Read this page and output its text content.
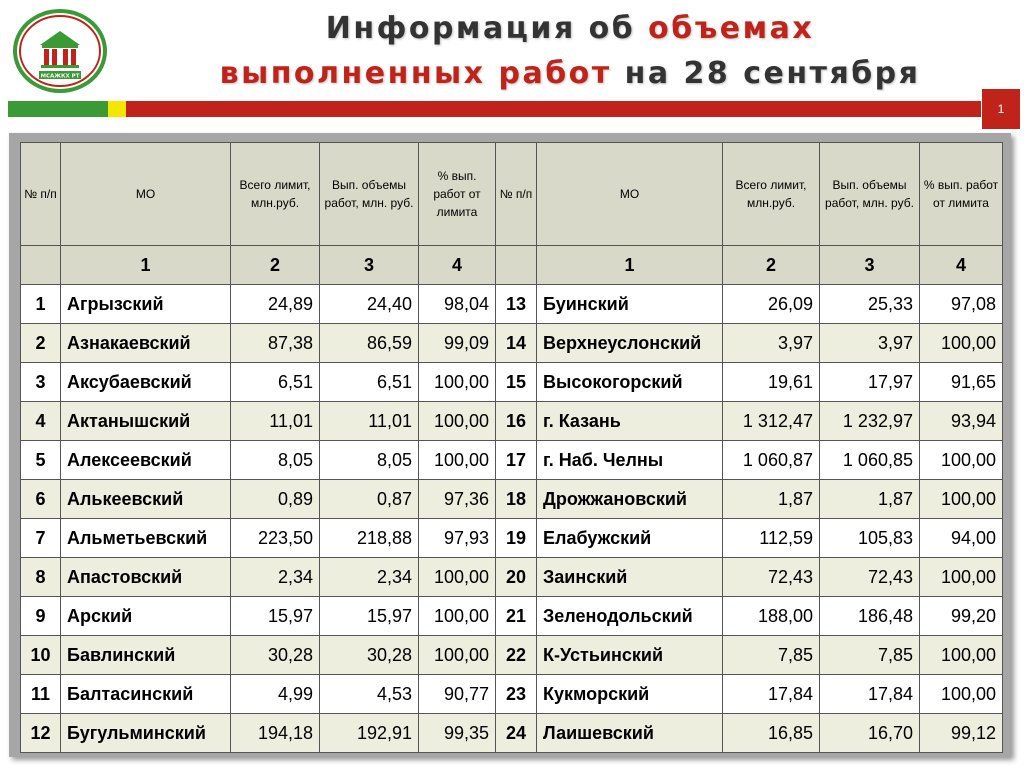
МСАЖКХ РТ
Информация об объемах
выполненных работ на 28 сентября
1
№ п/п	МО	Всего лимит, млн.руб.	Вып. объемы работ, млн. руб.	% вып. работ от лимита	№ п/п	МО	Всего лимит, млн.руб.	Вып. объемы работ, млн. руб.	% вып. работ от лимита
	1	2	3	4		1	2	3	4
1	Агрызский	24,89	24,40	98,04	13	Буинский	26,09	25,33	97,08
2	Азнакаевский	87,38	86,59	99,09	14	Верхнеуслонский	3,97	3,97	100,00
3	Аксубаевский	6,51	6,51	100,00	15	Высокогорский	19,61	17,97	91,65
4	Актанышский	11,01	11,01	100,00	16	г. Казань	1 312,47	1 232,97	93,94
5	Алексеевский	8,05	8,05	100,00	17	г. Наб. Челны	1 060,87	1 060,85	100,00
6	Алькеевский	0,89	0,87	97,36	18	Дрожжановский	1,87	1,87	100,00
7	Альметьевский	223,50	218,88	97,93	19	Елабужский	112,59	105,83	94,00
8	Апастовский	2,34	2,34	100,00	20	Заинский	72,43	72,43	100,00
9	Арский	15,97	15,97	100,00	21	Зеленодольский	188,00	186,48	99,20
10	Бавлинский	30,28	30,28	100,00	22	К-Устьинский	7,85	7,85	100,00
11	Балтасинский	4,99	4,53	90,77	23	Кукморский	17,84	17,84	100,00
12	Бугульминский	194,18	192,91	99,35	24	Лаишевский	16,85	16,70	99,12
